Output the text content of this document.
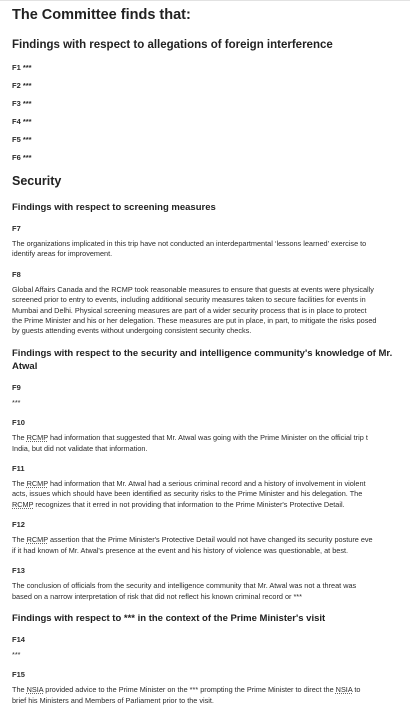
The Committee finds that:
Findings with respect to allegations of foreign interference
F1 ***
F2 ***
F3 ***
F4 ***
F5 ***
F6 ***
Security
Findings with respect to screening measures
F7

The organizations implicated in this trip have not conducted an interdepartmental ‘lessons learned’ exercise to
identify areas for improvement.

F8

Global Affairs Canada and the RCMP took reasonable measures to ensure that guests at events were physically
screened prior to entry to events, including additional security measures taken to secure facilities for events in
Mumbai and Delhi. Physical screening measures are part of a wider security process that is in place to protect
the Prime Minister and his or her delegation. These measures are put in place, in part, to mitigate the risks posed
by guests attending events without undergoing consistent security checks.

Findings with respect to the security and intelligence community's knowledge of Mr. Atwal
F9

***

F10

The RCMP had information that suggested that Mr. Atwal was going with the Prime Minister on the official trip t
India, but did not validate that information.

F11

The RCMP had information that Mr. Atwal had a serious criminal record and a history of involvement in violent
acts, issues which should have been identified as security risks to the Prime Minister and his delegation. The
RCMP recognizes that it erred in not providing that information to the Prime Minister's Protective Detail.

F12

The RCMP assertion that the Prime Minister's Protective Detail would not have changed its security posture eve
if it had known of Mr. Atwal's presence at the event and his history of violence was questionable, at best.

F13

The conclusion of officials from the security and intelligence community that Mr. Atwal was not a threat was
based on a narrow interpretation of risk that did not reflect his known criminal record or ***

Findings with respect to *** in the context of the Prime Minister's visit
F14

***

F15

The NSIA provided advice to the Prime Minister on the *** prompting the Prime Minister to direct the NSIA to
brief his Ministers and Members of Parliament prior to the visit.
